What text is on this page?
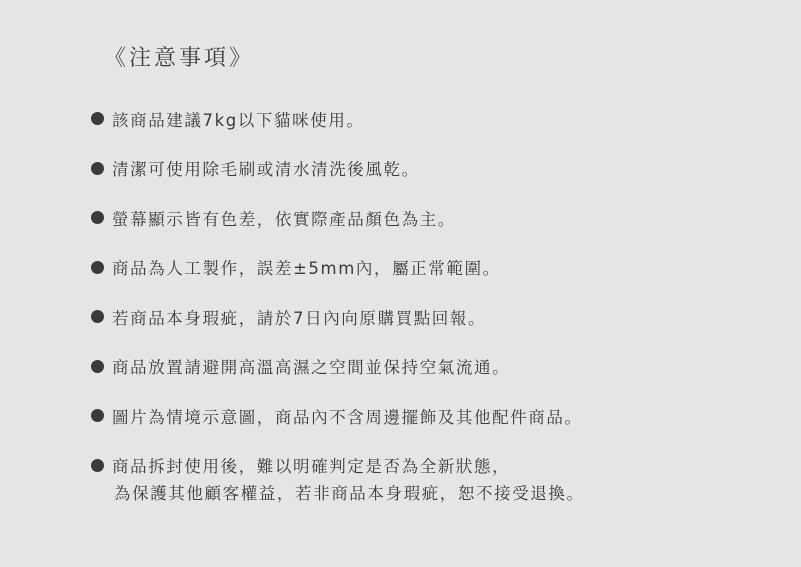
《注意事項》
該商品建議7kg以下貓咪使用。
清潔可使用除毛刷或清水清洗後風乾。
螢幕顯示皆有色差，依實際產品顏色為主。
商品為人工製作，誤差±5mm內，屬正常範圍。
若商品本身瑕疵，請於7日內向原購買點回報。
商品放置請避開高溫高濕之空間並保持空氣流通。
圖片為情境示意圖，商品內不含周邊擺飾及其他配件商品。
商品拆封使用後，難以明確判定是否為全新狀態，
為保護其他顧客權益，若非商品本身瑕疵，恕不接受退換。
